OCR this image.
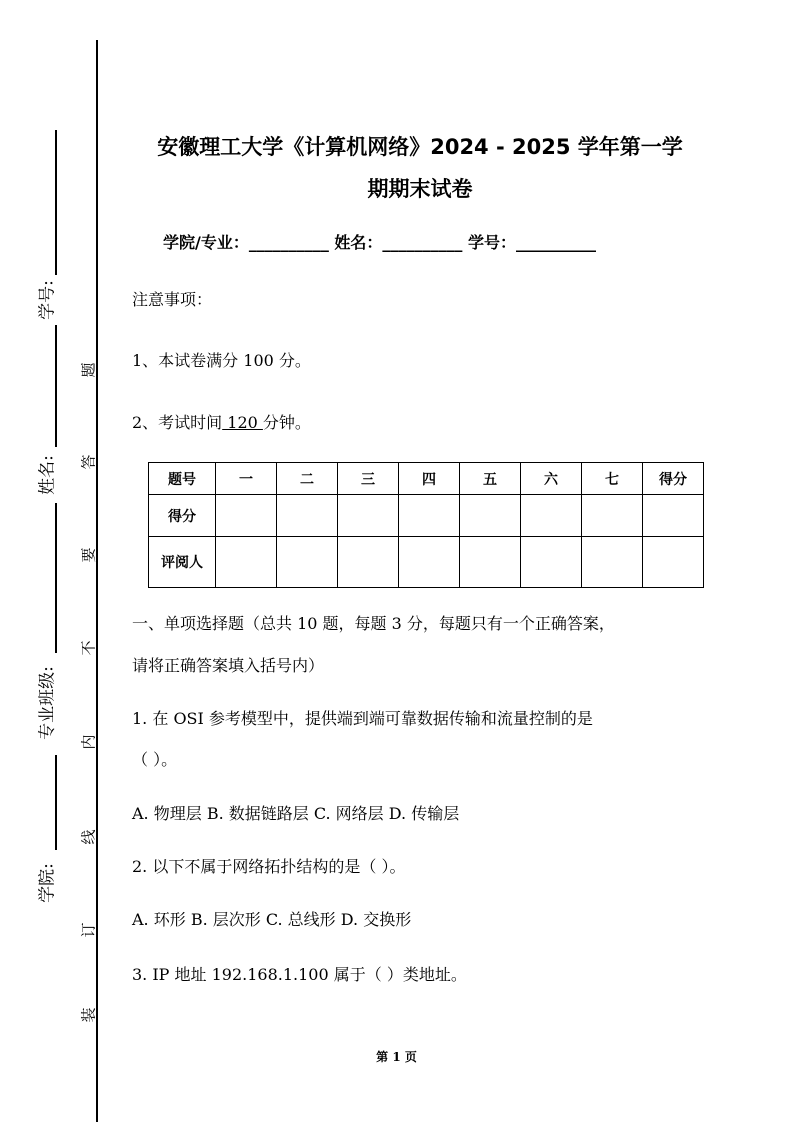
学号:
姓名:
专业班级:
学院:
题
答
要
不
内
线
订
装
安徽理工大学《计算机网络》2024 - 2025 学年第一学
期期末试卷
学院/专业：__________ 姓名：__________ 学号：__________
注意事项：
1、本试卷满分 100 分。
2、考试时间 120 分钟。
题号	一	二	三	四	五	六	七	得分
得分								
评阅人								
一、单项选择题（总共 10 题，每题 3 分，每题只有一个正确答案，
请将正确答案填入括号内）
1. 在 OSI 参考模型中，提供端到端可靠数据传输和流量控制的是
（ ）。
A. 物理层 B. 数据链路层 C. 网络层 D. 传输层
2. 以下不属于网络拓扑结构的是（ ）。
A. 环形 B. 层次形 C. 总线形 D. 交换形
3. IP 地址 192.168.1.100 属于（ ）类地址。
第 1 页
